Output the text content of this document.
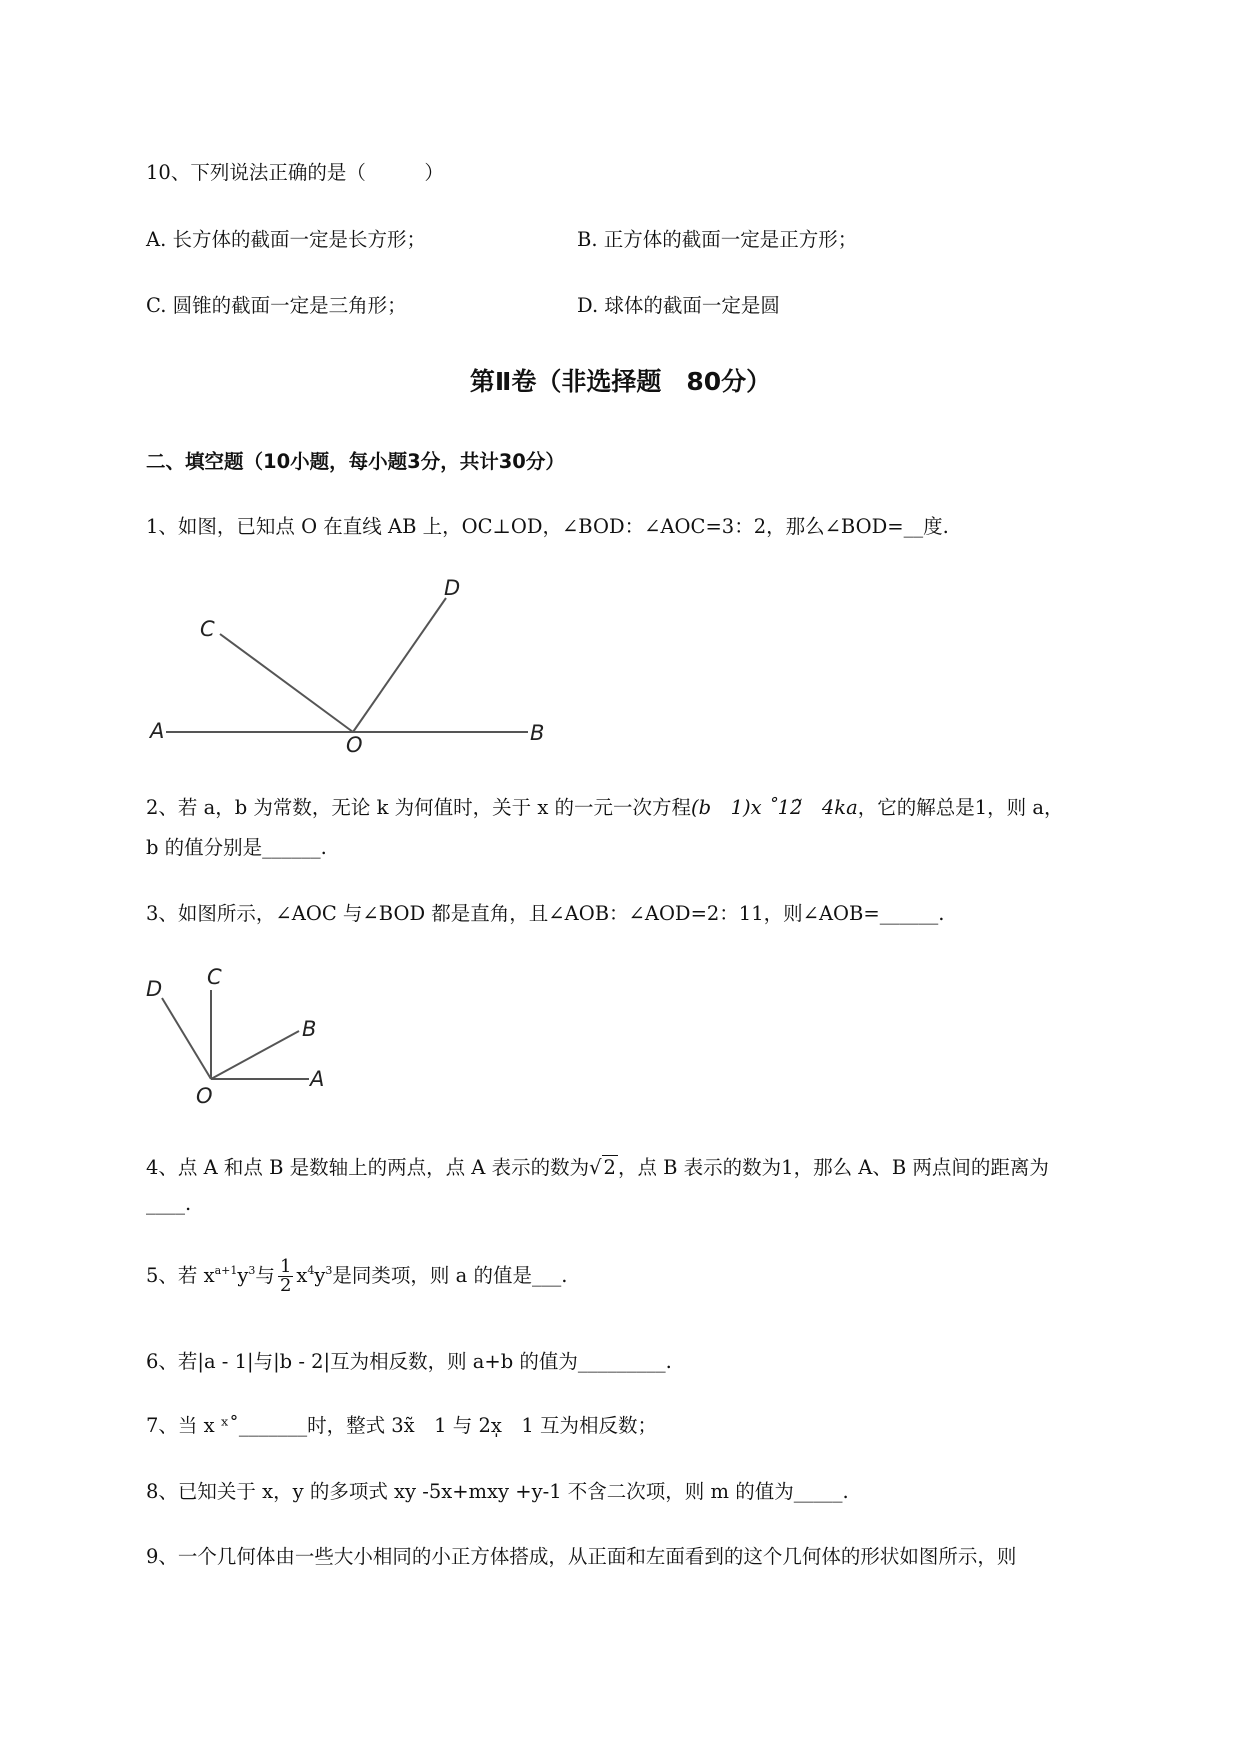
10、下列说法正确的是（　　　）
A. 长方体的截面一定是长方形；	B. 正方体的截面一定是正方形；
C. 圆锥的截面一定是三角形；	D. 球体的截面一定是圆
第Ⅱ卷（非选择题　80分）
二、填空题（10小题，每小题3分，共计30分）
1、如图，已知点 O 在直线 AB 上，OC⊥OD，∠BOD：∠AOC=3：2，那么∠BOD=__度.
A	B
C
D
O
2、若 a，b 为常数，无论 k 为何值时，关于 x 的一元一次方程(b　1)x ˚12̃　4ka，它的解总是1，则 a，
b 的值分别是______.
3、如图所示，∠AOC 与∠BOD 都是直角，且∠AOB：∠AOD=2：11，则∠AOB=______.
D C
B
A
O
4、点 A 和点 B 是数轴上的两点，点 A 表示的数为√ 2 ，点 B 表示的数为1，那么 A、B 两点间的距离为
____.
5、若 $x^{a+1}y^3$与 $\frac{1}{2} x^4y^3$是同类项，则 a 的值是___.
6、若|a - 1|与|b - 2|互为相反数，则 a+b 的值为_________.
7、当 x ˣ˚_______时，整式 3x̃　1 与 2x̩　1 互为相反数；
8、已知关于 x，y 的多项式 xy -5x+mxy +y-1 不含二次项，则 m 的值为_____.
9、一个几何体由一些大小相同的小正方体搭成，从正面和左面看到的这个几何体的形状如图所示，则
